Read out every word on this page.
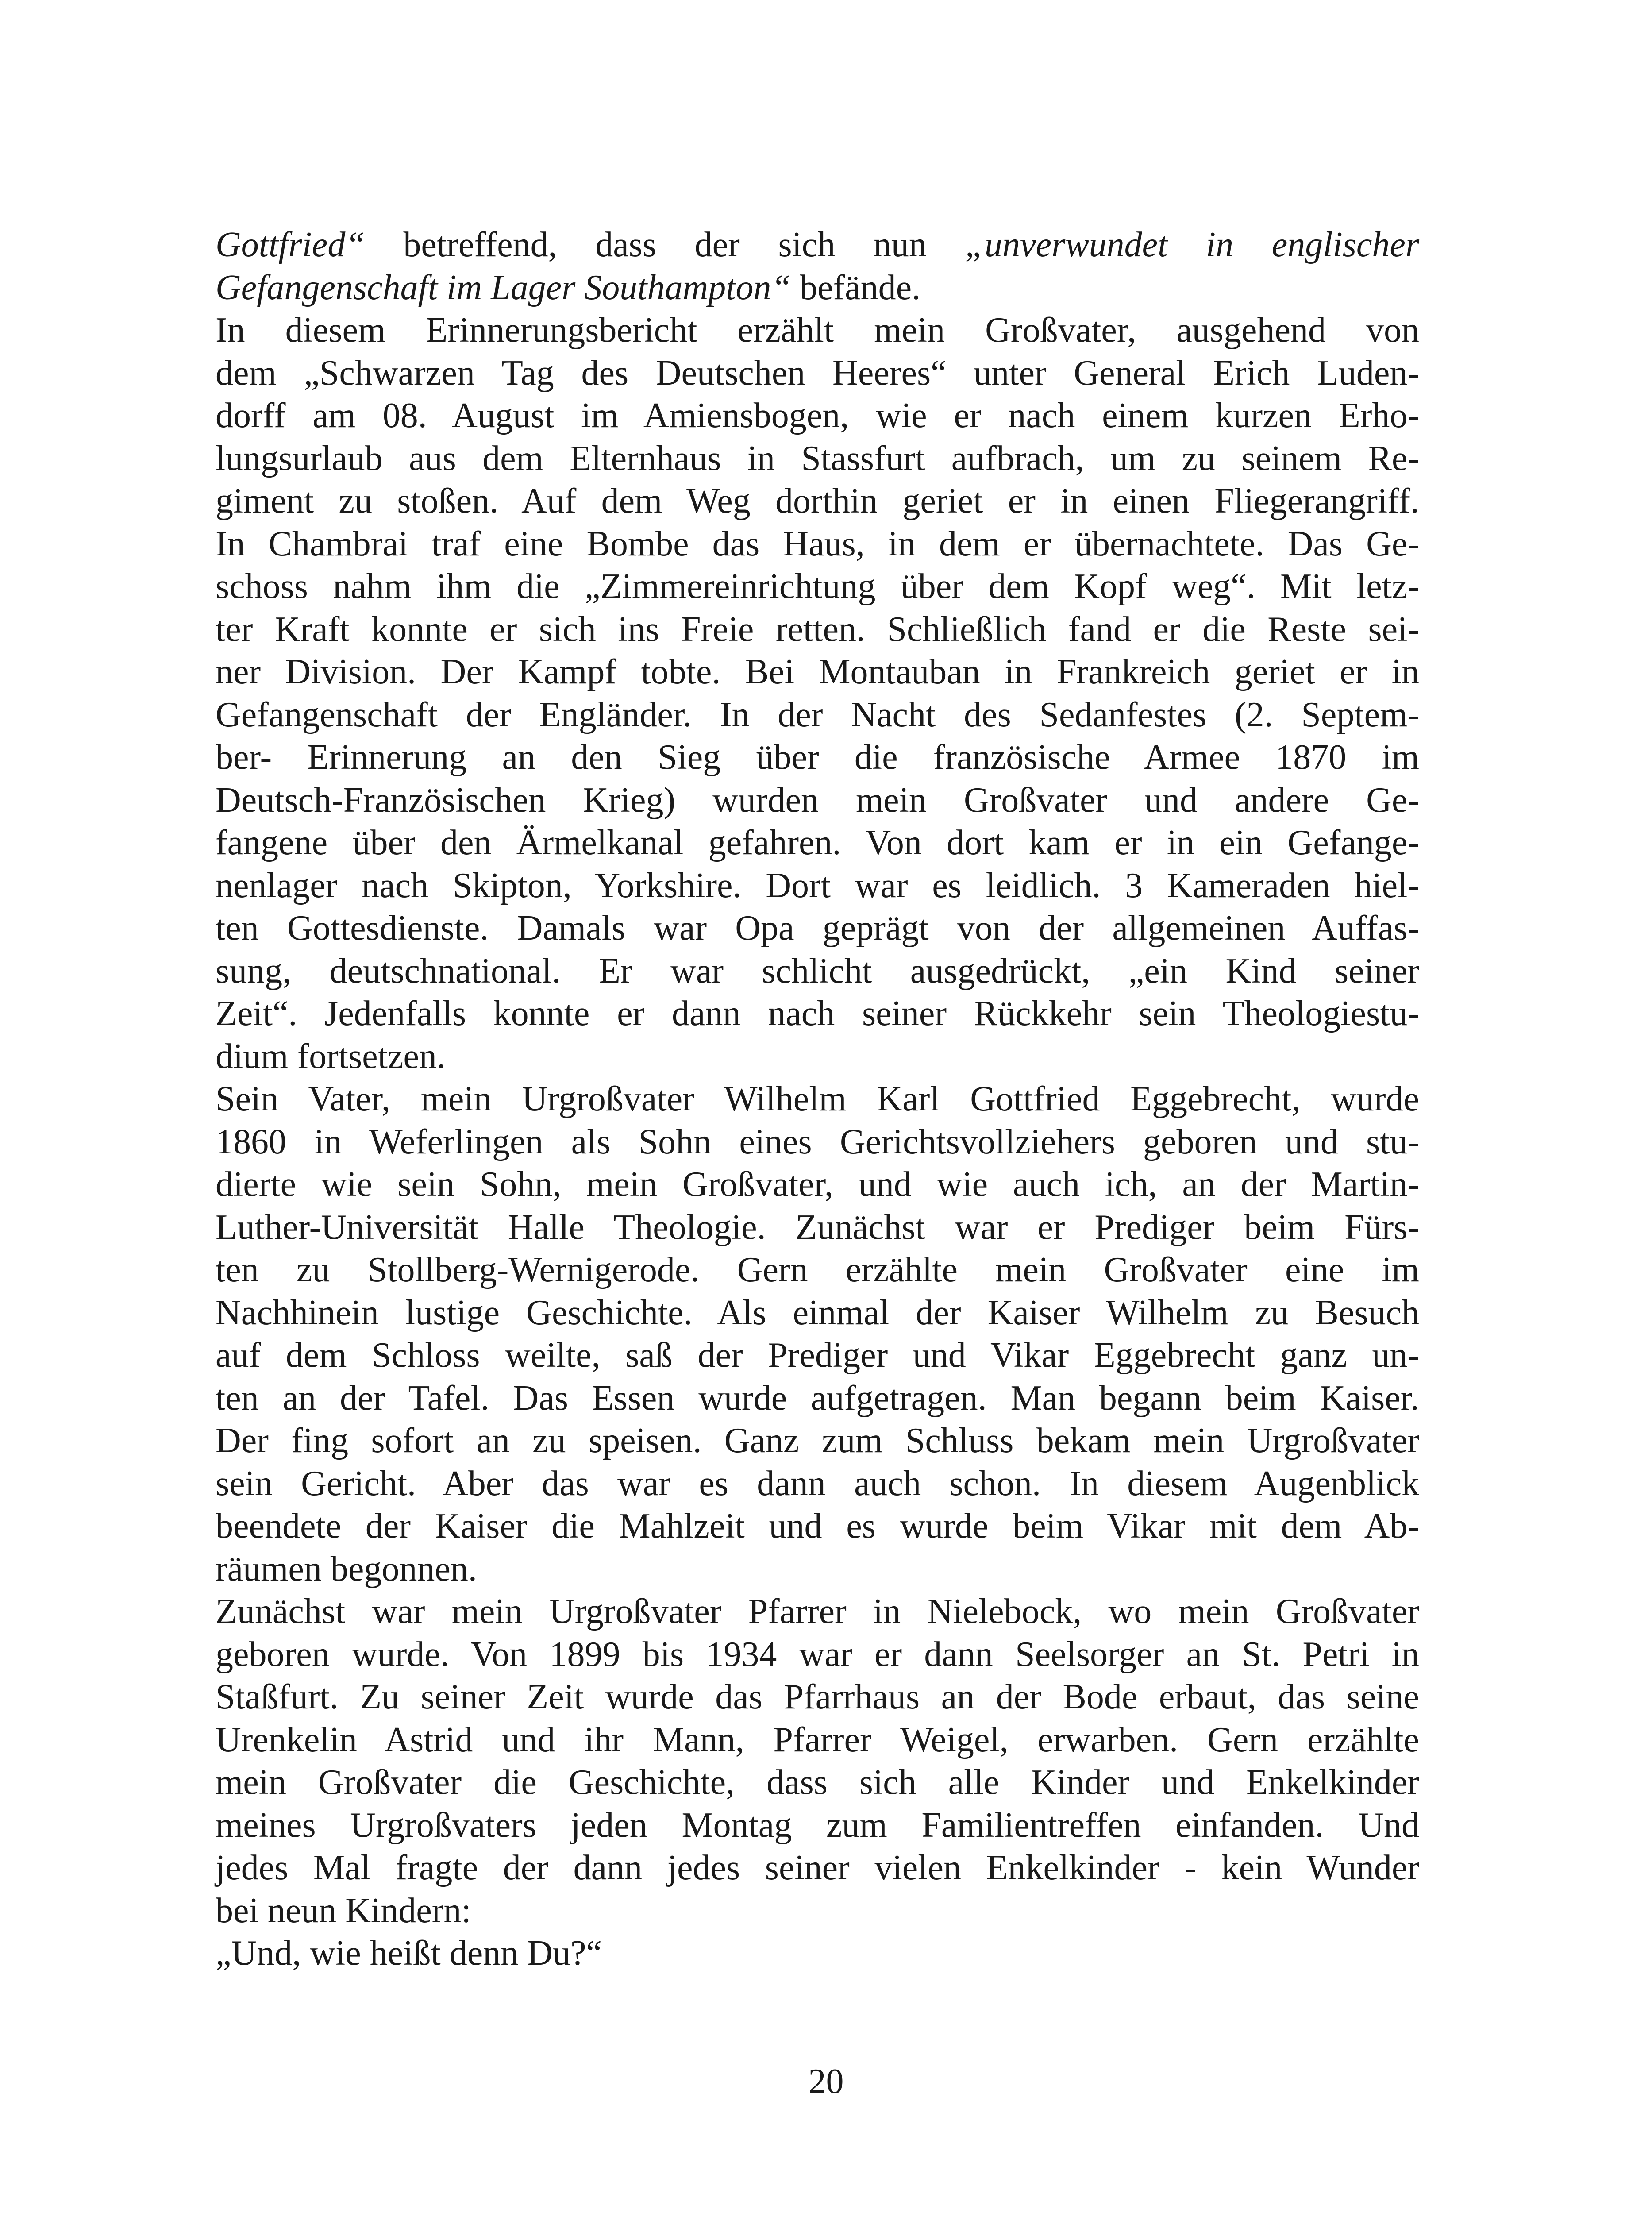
Gottfried“ betreffend, dass der sich nun „unverwundet in englischer
Gefangenschaft im Lager Southampton“ befände.
In diesem Erinnerungsbericht erzählt mein Großvater, ausgehend von
dem „Schwarzen Tag des Deutschen Heeres“ unter General Erich Luden-
dorff am 08. August im Amiensbogen, wie er nach einem kurzen Erho-
lungsurlaub aus dem Elternhaus in Stassfurt aufbrach, um zu seinem Re-
giment zu stoßen. Auf dem Weg dorthin geriet er in einen Fliegerangriff.
In Chambrai traf eine Bombe das Haus, in dem er übernachtete. Das Ge-
schoss nahm ihm die „Zimmereinrichtung über dem Kopf weg“. Mit letz-
ter Kraft konnte er sich ins Freie retten. Schließlich fand er die Reste sei-
ner Division. Der Kampf tobte. Bei Montauban in Frankreich geriet er in
Gefangenschaft der Engländer. In der Nacht des Sedanfestes (2. Septem-
ber- Erinnerung an den Sieg über die französische Armee 1870 im
Deutsch-Französischen Krieg) wurden mein Großvater und andere Ge-
fangene über den Ärmelkanal gefahren. Von dort kam er in ein Gefange-
nenlager nach Skipton, Yorkshire. Dort war es leidlich. 3 Kameraden hiel-
ten Gottesdienste. Damals war Opa geprägt von der allgemeinen Auffas-
sung, deutschnational. Er war schlicht ausgedrückt, „ein Kind seiner
Zeit“. Jedenfalls konnte er dann nach seiner Rückkehr sein Theologiestu-
dium fortsetzen.
Sein Vater, mein Urgroßvater Wilhelm Karl Gottfried Eggebrecht, wurde
1860 in Weferlingen als Sohn eines Gerichtsvollziehers geboren und stu-
dierte wie sein Sohn, mein Großvater, und wie auch ich, an der Martin-
Luther-Universität Halle Theologie. Zunächst war er Prediger beim Fürs-
ten zu Stollberg-Wernigerode. Gern erzählte mein Großvater eine im
Nachhinein lustige Geschichte. Als einmal der Kaiser Wilhelm zu Besuch
auf dem Schloss weilte, saß der Prediger und Vikar Eggebrecht ganz un-
ten an der Tafel. Das Essen wurde aufgetragen. Man begann beim Kaiser.
Der fing sofort an zu speisen. Ganz zum Schluss bekam mein Urgroßvater
sein Gericht. Aber das war es dann auch schon. In diesem Augenblick
beendete der Kaiser die Mahlzeit und es wurde beim Vikar mit dem Ab-
räumen begonnen.
Zunächst war mein Urgroßvater Pfarrer in Nielebock, wo mein Großvater
geboren wurde. Von 1899 bis 1934 war er dann Seelsorger an St. Petri in
Staßfurt. Zu seiner Zeit wurde das Pfarrhaus an der Bode erbaut, das seine
Urenkelin Astrid und ihr Mann, Pfarrer Weigel, erwarben. Gern erzählte
mein Großvater die Geschichte, dass sich alle Kinder und Enkelkinder
meines Urgroßvaters jeden Montag zum Familientreffen einfanden. Und
jedes Mal fragte der dann jedes seiner vielen Enkelkinder - kein Wunder
bei neun Kindern:
„Und, wie heißt denn Du?“
20
